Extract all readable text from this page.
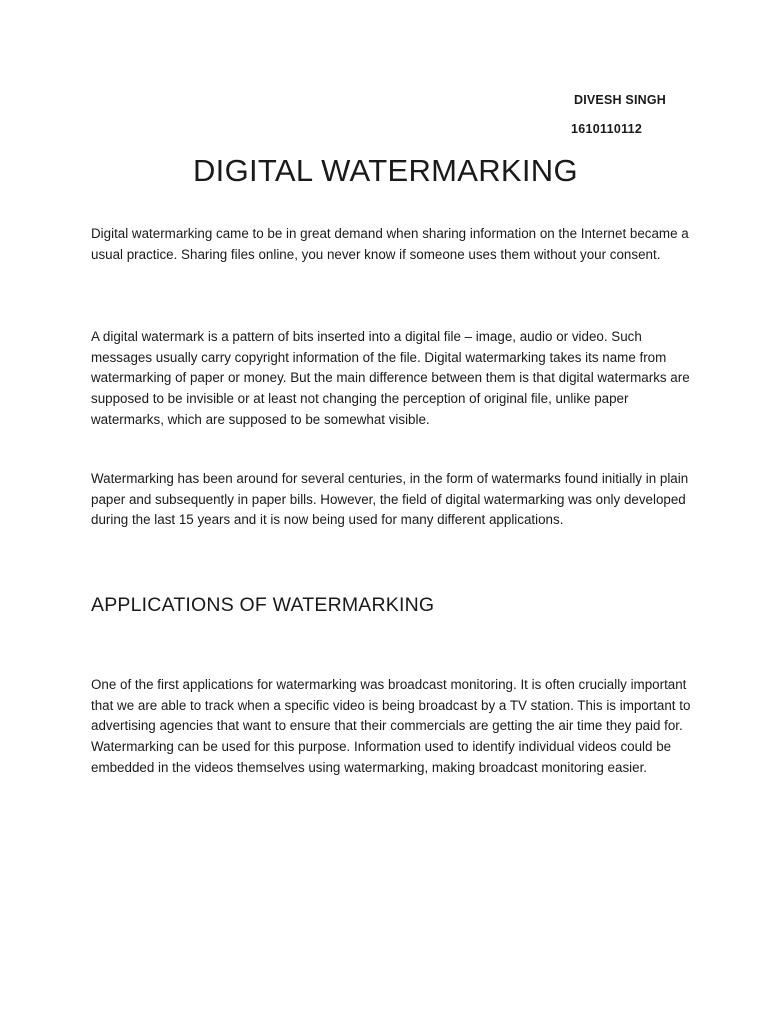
DIVESH SINGH
1610110112
DIGITAL WATERMARKING

Digital watermarking came to be in great demand when sharing information on the Internet became a usual practice. Sharing files online, you never know if someone uses them without your consent.

A digital watermark is a pattern of bits inserted into a digital file – image, audio or video. Such messages usually carry copyright information of the file. Digital watermarking takes its name from watermarking of paper or money. But the main difference between them is that digital watermarks are supposed to be invisible or at least not changing the perception of original file, unlike paper watermarks, which are supposed to be somewhat visible.

Watermarking has been around for several centuries, in the form of watermarks found initially in plain paper and subsequently in paper bills. However, the field of digital watermarking was only developed during the last 15 years and it is now being used for many different applications.

APPLICATIONS OF WATERMARKING

One of the first applications for watermarking was broadcast monitoring. It is often crucially important that we are able to track when a specific video is being broadcast by a TV station. This is important to advertising agencies that want to ensure that their commercials are getting the air time they paid for. Watermarking can be used for this purpose. Information used to identify individual videos could be embedded in the videos themselves using watermarking, making broadcast monitoring easier.
